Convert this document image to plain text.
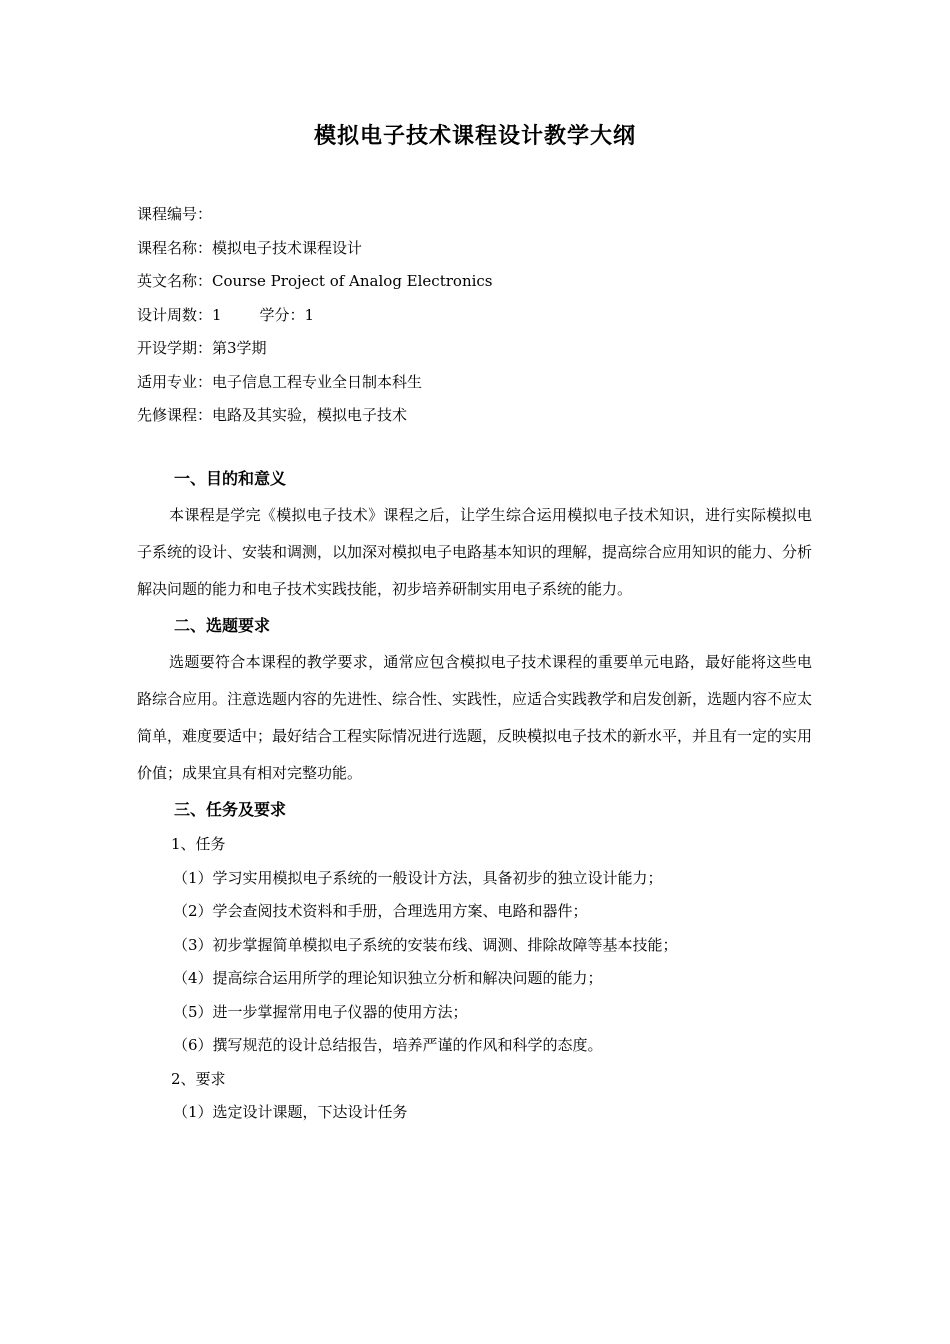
模拟电子技术课程设计教学大纲
课程编号：
课程名称：模拟电子技术课程设计
英文名称：Course Project of Analog Electronics
设计周数：1	学分：1
开设学期：第3学期
适用专业：电子信息工程专业全日制本科生
先修课程：电路及其实验，模拟电子技术
一、目的和意义

本课程是学完《模拟电子技术》课程之后，让学生综合运用模拟电子技术知识，进行实际模拟电子系统的设计、安装和调测，以加深对模拟电子电路基本知识的理解，提高综合应用知识的能力、分析解决问题的能力和电子技术实践技能，初步培养研制实用电子系统的能力。

二、选题要求

选题要符合本课程的教学要求，通常应包含模拟电子技术课程的重要单元电路，最好能将这些电路综合应用。注意选题内容的先进性、综合性、实践性，应适合实践教学和启发创新，选题内容不应太简单，难度要适中；最好结合工程实际情况进行选题，反映模拟电子技术的新水平，并且有一定的实用价值；成果宜具有相对完整功能。

三、任务及要求
1、任务
（1）学习实用模拟电子系统的一般设计方法，具备初步的独立设计能力；
（2）学会查阅技术资料和手册，合理选用方案、电路和器件；
（3）初步掌握简单模拟电子系统的安装布线、调测、排除故障等基本技能；
（4）提高综合运用所学的理论知识独立分析和解决问题的能力；
（5）进一步掌握常用电子仪器的使用方法；
（6）撰写规范的设计总结报告，培养严谨的作风和科学的态度。
2、要求
（1）选定设计课题，下达设计任务
